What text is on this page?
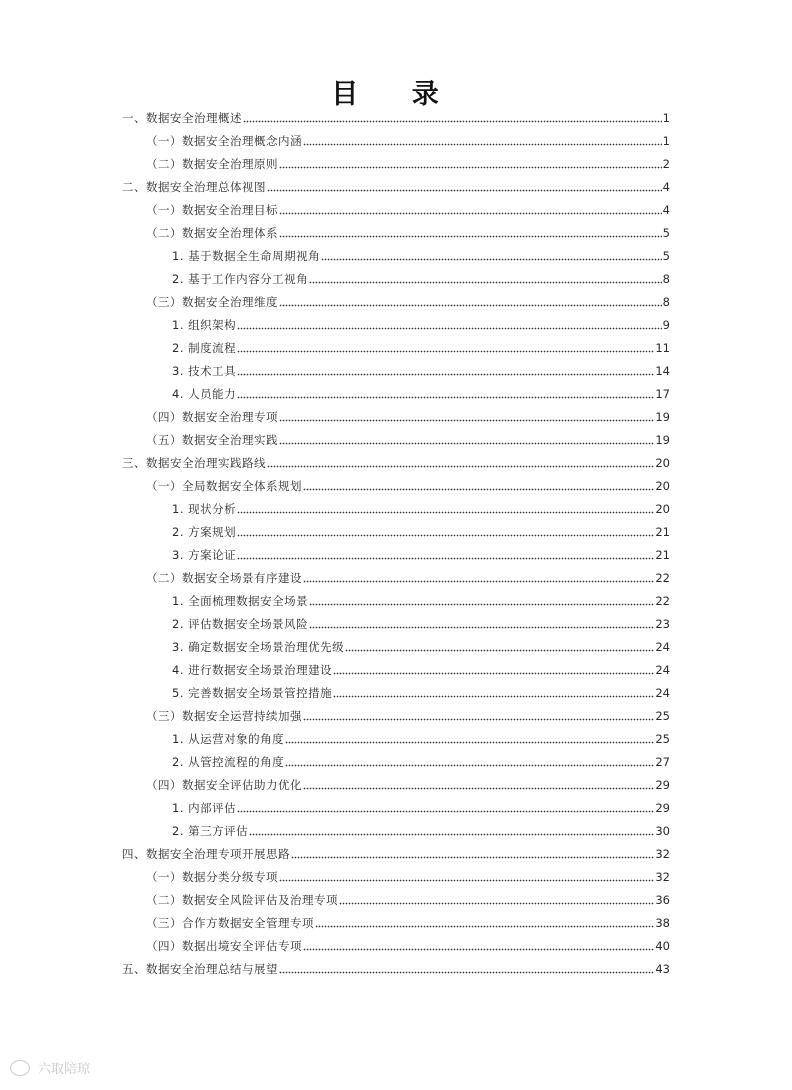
目 录
一、数据安全治理概述	1
（一）数据安全治理概念内涵	1
（二）数据安全治理原则	2
二、数据安全治理总体视图	4
（一）数据安全治理目标	4
（二）数据安全治理体系	5
1. 基于数据全生命周期视角	5
2. 基于工作内容分工视角	8
（三）数据安全治理维度	8
1. 组织架构	9
2. 制度流程	11
3. 技术工具	14
4. 人员能力	17
（四）数据安全治理专项	19
（五）数据安全治理实践	19
三、数据安全治理实践路线	20
（一）全局数据安全体系规划	20
1. 现状分析	20
2. 方案规划	21
3. 方案论证	21
（二）数据安全场景有序建设	22
1. 全面梳理数据安全场景	22
2. 评估数据安全场景风险	23
3. 确定数据安全场景治理优先级	24
4. 进行数据安全场景治理建设	24
5. 完善数据安全场景管控措施	24
（三）数据安全运营持续加强	25
1. 从运营对象的角度	25
2. 从管控流程的角度	27
（四）数据安全评估助力优化	29
1. 内部评估	29
2. 第三方评估	30
四、数据安全治理专项开展思路	32
（一）数据分类分级专项	32
（二）数据安全风险评估及治理专项	36
（三）合作方数据安全管理专项	38
（四）数据出境安全评估专项	40
五、数据安全治理总结与展望	43
六取陪琼
